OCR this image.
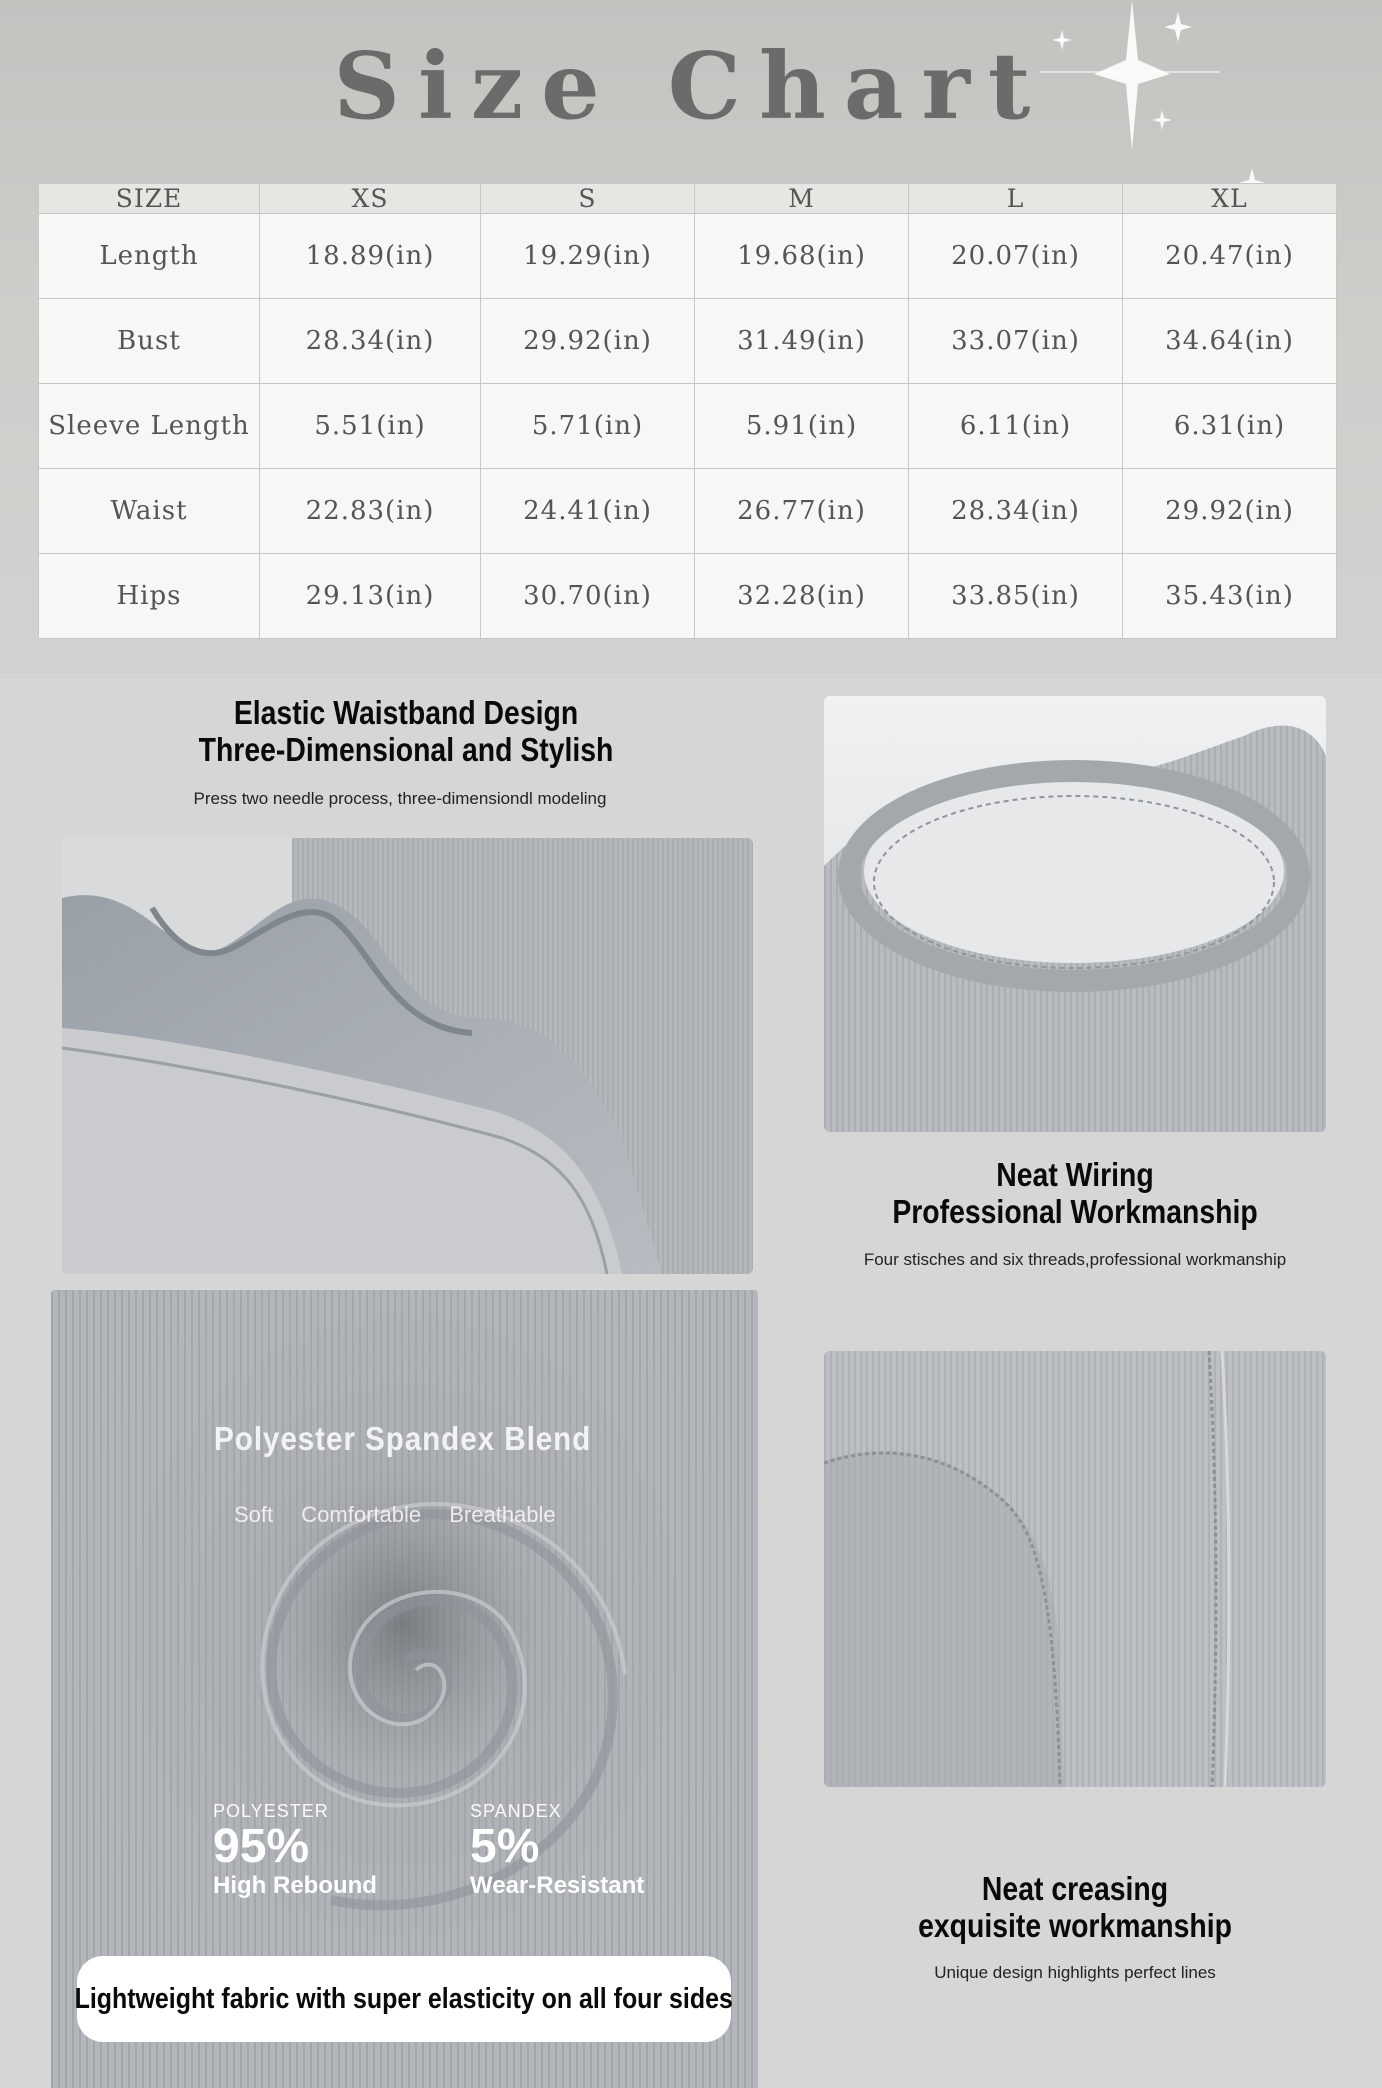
Size Chart
SIZE	XS	S	M	L	XL
Length	18.89(in)	19.29(in)	19.68(in)	20.07(in)	20.47(in)
Bust	28.34(in)	29.92(in)	31.49(in)	33.07(in)	34.64(in)
Sleeve Length	5.51(in)	5.71(in)	5.91(in)	6.11(in)	6.31(in)
Waist	22.83(in)	24.41(in)	26.77(in)	28.34(in)	29.92(in)
Hips	29.13(in)	30.70(in)	32.28(in)	33.85(in)	35.43(in)
Elastic Waistband Design
Three-Dimensional and Stylish
Press two needle process, three-dimensiondl modeling
Neat Wiring
Professional Workmanship
Four stisches and six threads,professional workmanship
Polyester Spandex Blend
Soft Comfortable Breathable
POLYESTER
95%
High Rebound
SPANDEX
5%
Wear-Resistant
Lightweight fabric with super elasticity on all four sides
Neat creasing
exquisite workmanship
Unique design highlights perfect lines
